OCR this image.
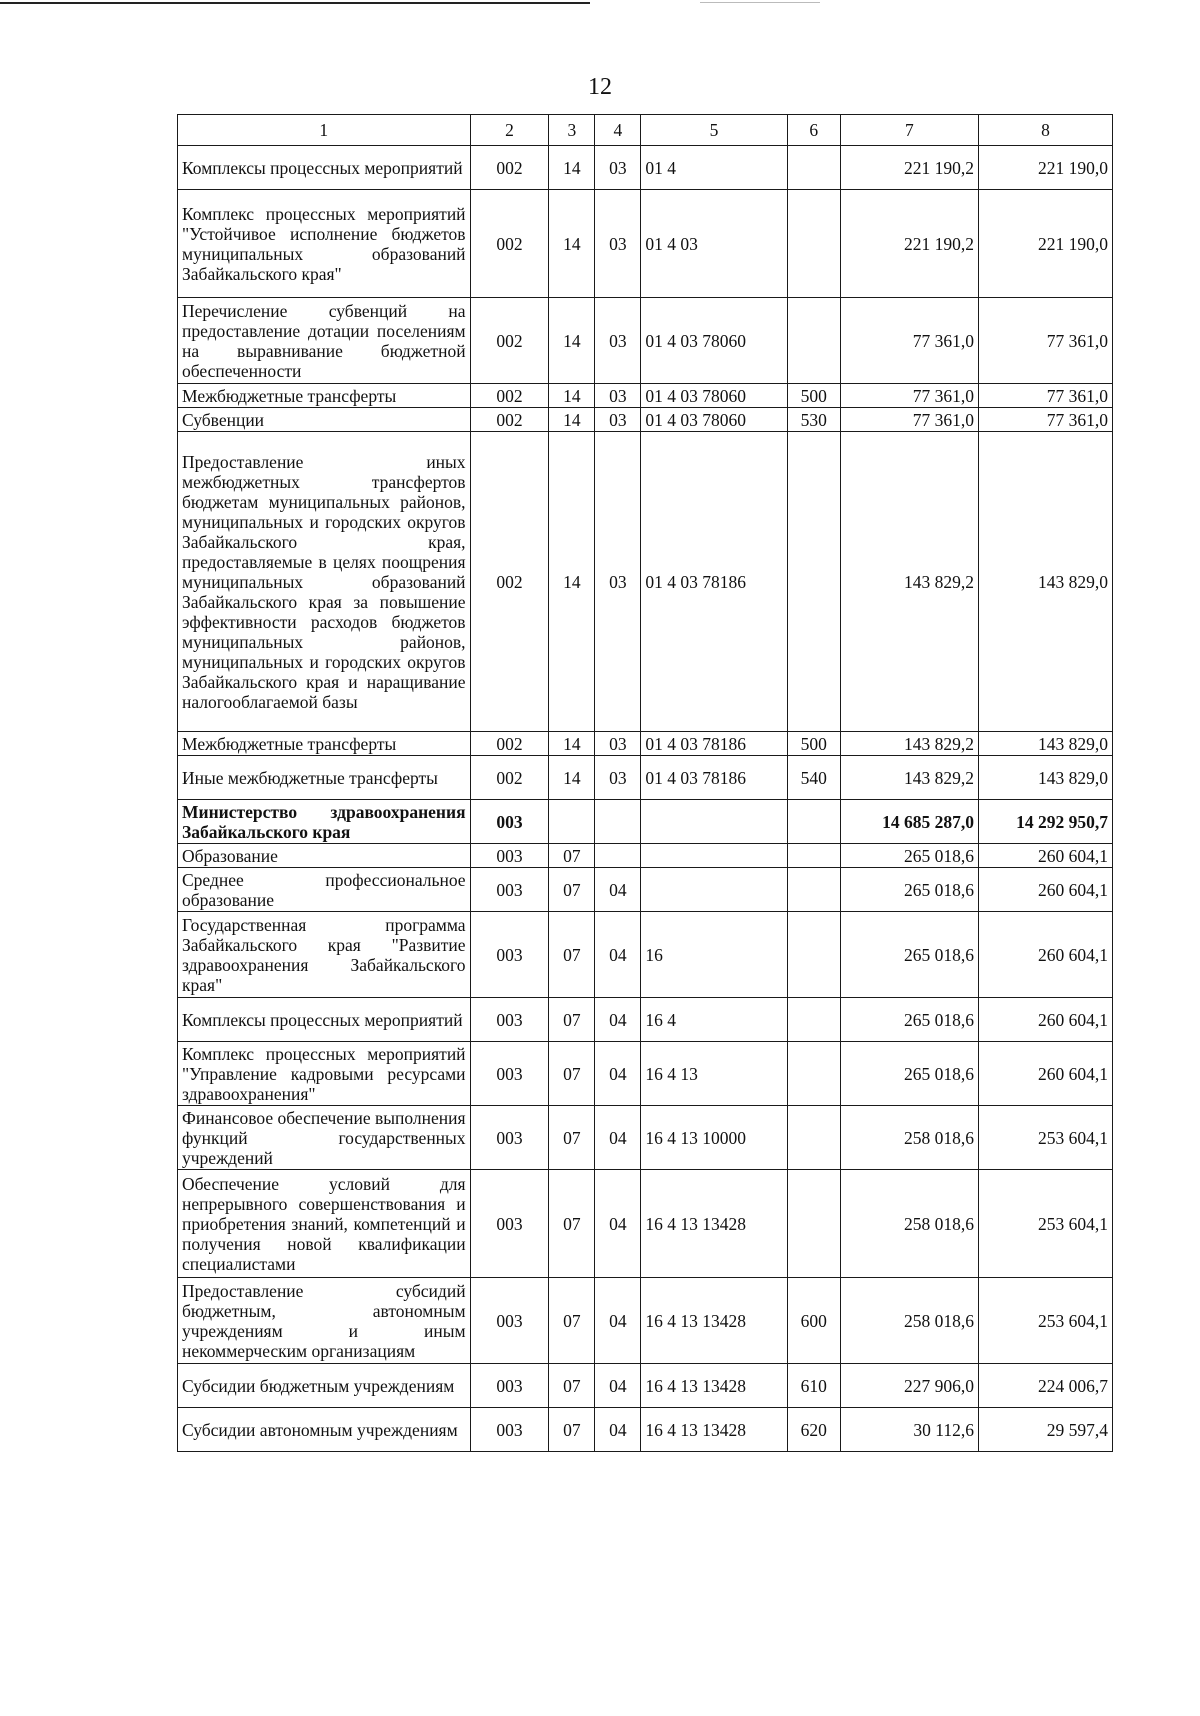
12
1	2	3	4	5	6	7	8
Комплексы процессных мероприятий	002	14	03	01 4		221 190,2	221 190,0
Комплекс процессных мероприятий "Устойчивое исполнение бюджетов муниципальных образований Забайкальского края"	002	14	03	01 4 03		221 190,2	221 190,0
Перечисление субвенций на предоставление дотации поселениям на выравнивание бюджетной обеспеченности	002	14	03	01 4 03 78060		77 361,0	77 361,0
Межбюджетные трансферты	002	14	03	01 4 03 78060	500	77 361,0	77 361,0
Субвенции	002	14	03	01 4 03 78060	530	77 361,0	77 361,0
Предоставление иных межбюджетных трансфертов бюджетам муниципальных районов, муниципальных и городских округов Забайкальского края, предоставляемые в целях поощрения муниципальных образований Забайкальского края за повышение эффективности расходов бюджетов муниципальных районов, муниципальных и городских округов Забайкальского края и наращивание налогооблагаемой базы	002	14	03	01 4 03 78186		143 829,2	143 829,0
Межбюджетные трансферты	002	14	03	01 4 03 78186	500	143 829,2	143 829,0
Иные межбюджетные трансферты	002	14	03	01 4 03 78186	540	143 829,2	143 829,0
Министерство здравоохранения Забайкальского края	003					14 685 287,0	14 292 950,7
Образование	003	07				265 018,6	260 604,1
Среднее профессиональное образование	003	07	04			265 018,6	260 604,1
Государственная программа Забайкальского края "Развитие здравоохранения Забайкальского края"	003	07	04	16		265 018,6	260 604,1
Комплексы процессных мероприятий	003	07	04	16 4		265 018,6	260 604,1
Комплекс процессных мероприятий "Управление кадровыми ресурсами здравоохранения"	003	07	04	16 4 13		265 018,6	260 604,1
Финансовое обеспечение выполнения функций государственных учреждений	003	07	04	16 4 13 10000		258 018,6	253 604,1
Обеспечение условий для непрерывного совершенствования и приобретения знаний, компетенций и получения новой квалификации специалистами	003	07	04	16 4 13 13428		258 018,6	253 604,1
Предоставление субсидий бюджетным, автономным учреждениям и иным некоммерческим организациям	003	07	04	16 4 13 13428	600	258 018,6	253 604,1
Субсидии бюджетным учреждениям	003	07	04	16 4 13 13428	610	227 906,0	224 006,7
Субсидии автономным учреждениям	003	07	04	16 4 13 13428	620	30 112,6	29 597,4
